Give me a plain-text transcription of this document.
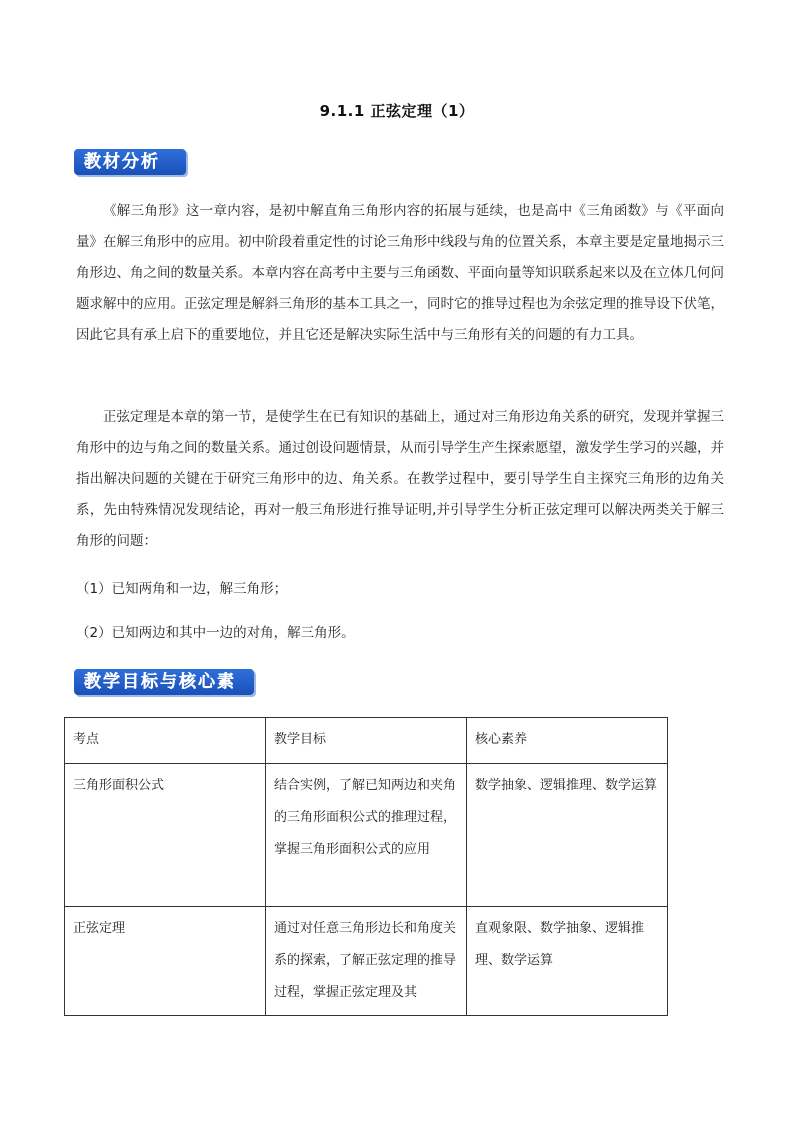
9.1.1 正弦定理（1）
教材分析
《解三角形》这一章内容，是初中解直角三角形内容的拓展与延续，也是高中《三角函数》与《平面向量》在解三角形中的应用。初中阶段着重定性的讨论三角形中线段与角的位置关系，本章主要是定量地揭示三角形边、角之间的数量关系。本章内容在高考中主要与三角函数、平面向量等知识联系起来以及在立体几何问题求解中的应用。正弦定理是解斜三角形的基本工具之一，同时它的推导过程也为余弦定理的推导设下伏笔，因此它具有承上启下的重要地位，并且它还是解决实际生活中与三角形有关的问题的有力工具。
正弦定理是本章的第一节，是使学生在已有知识的基础上，通过对三角形边角关系的研究，发现并掌握三角形中的边与角之间的数量关系。通过创设问题情景，从而引导学生产生探索愿望，激发学生学习的兴趣，并指出解决问题的关键在于研究三角形中的边、角关系。在教学过程中，要引导学生自主探究三角形的边角关系，先由特殊情况发现结论，再对一般三角形进行推导证明,并引导学生分析正弦定理可以解决两类关于解三角形的问题：
（1）已知两角和一边，解三角形；
（2）已知两边和其中一边的对角，解三角形。
教学目标与核心素养
考点	教学目标	核心素养
三角形面积公式	结合实例，了解已知两边和夹角的三角形面积公式的推理过程，掌握三角形面积公式的应用	数学抽象、逻辑推理、数学运算
正弦定理	通过对任意三角形边长和角度关系的探索，了解正弦定理的推导过程，掌握正弦定理及其	直观象限、数学抽象、逻辑推理、数学运算
